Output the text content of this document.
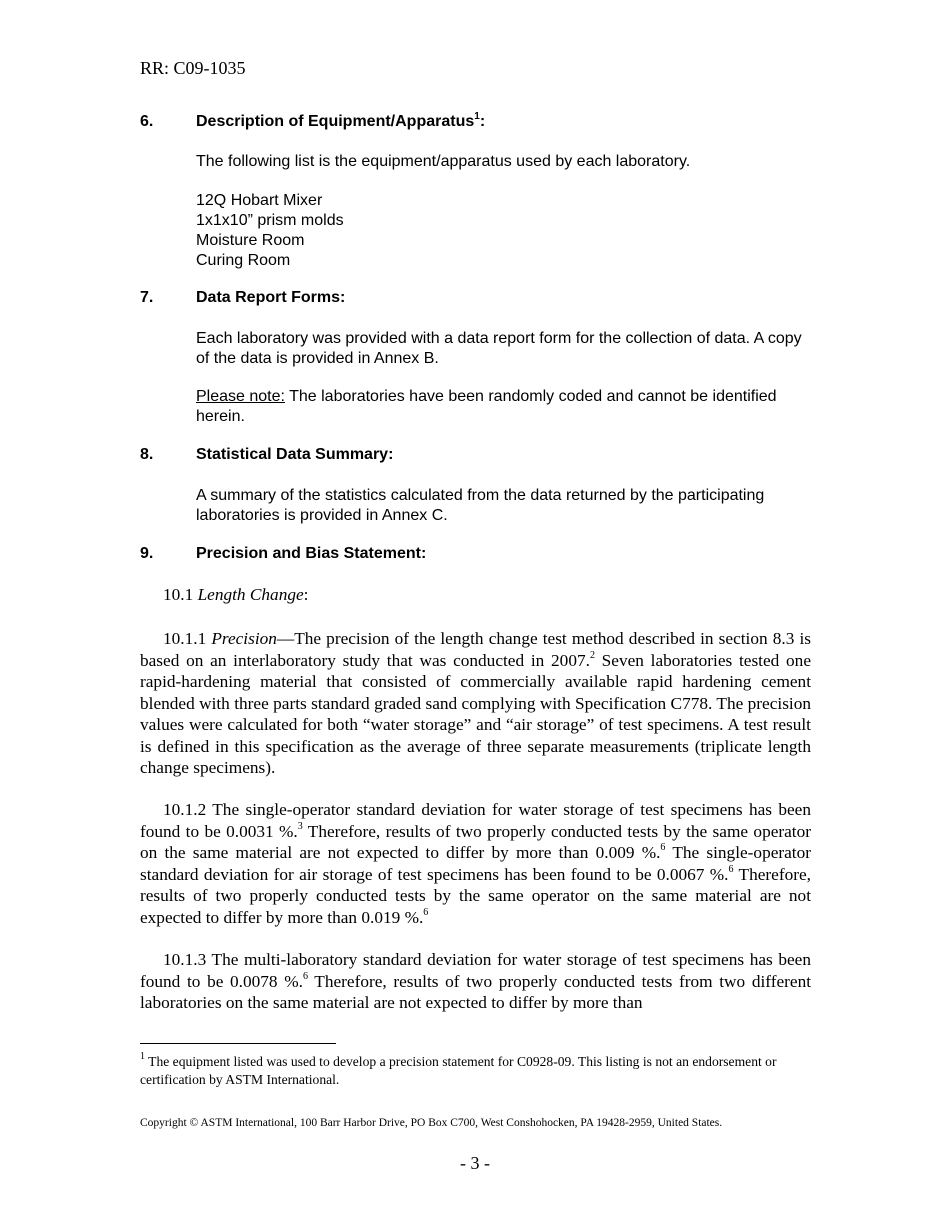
RR: C09-1035
6.	Description of Equipment/Apparatus$^1$:
The following list is the equipment/apparatus used by each laboratory.
12Q Hobart Mixer
1x1x10” prism molds
Moisture Room
Curing Room
7.	Data Report Forms:
Each laboratory was provided with a data report form for the collection of data. A copy of the data is provided in Annex B.
Please note: The laboratories have been randomly coded and cannot be identified herein.
8.	Statistical Data Summary:
A summary of the statistics calculated from the data returned by the participating laboratories is provided in Annex C.
9.	Precision and Bias Statement:
10.1 Length Change:
10.1.1 Precision—The precision of the length change test method described in section 8.3 is based on an interlaboratory study that was conducted in 2007.$^2$ Seven laboratories tested one rapid-hardening material that consisted of commercially available rapid hardening cement blended with three parts standard graded sand complying with Specification C778. The precision values were calculated for both “water storage” and “air storage” of test specimens. A test result is defined in this specification as the average of three separate measurements (triplicate length change specimens).
10.1.2 The single-operator standard deviation for water storage of test specimens has been found to be 0.0031 %.$^3$ Therefore, results of two properly conducted tests by the same operator on the same material are not expected to differ by more than 0.009 %.$^6$ The single-operator standard deviation for air storage of test specimens has been found to be 0.0067 %.$^6$ Therefore, results of two properly conducted tests by the same operator on the same material are not expected to differ by more than 0.019 %.$^6$
10.1.3 The multi-laboratory standard deviation for water storage of test specimens has been found to be 0.0078 %.$^6$ Therefore, results of two properly conducted tests from two different laboratories on the same material are not expected to differ by more than
$^1$ The equipment listed was used to develop a precision statement for C0928-09. This listing is not an endorsement or certification by ASTM International.
Copyright © ASTM International, 100 Barr Harbor Drive, PO Box C700, West Conshohocken, PA 19428-2959, United States.
- 3 -
